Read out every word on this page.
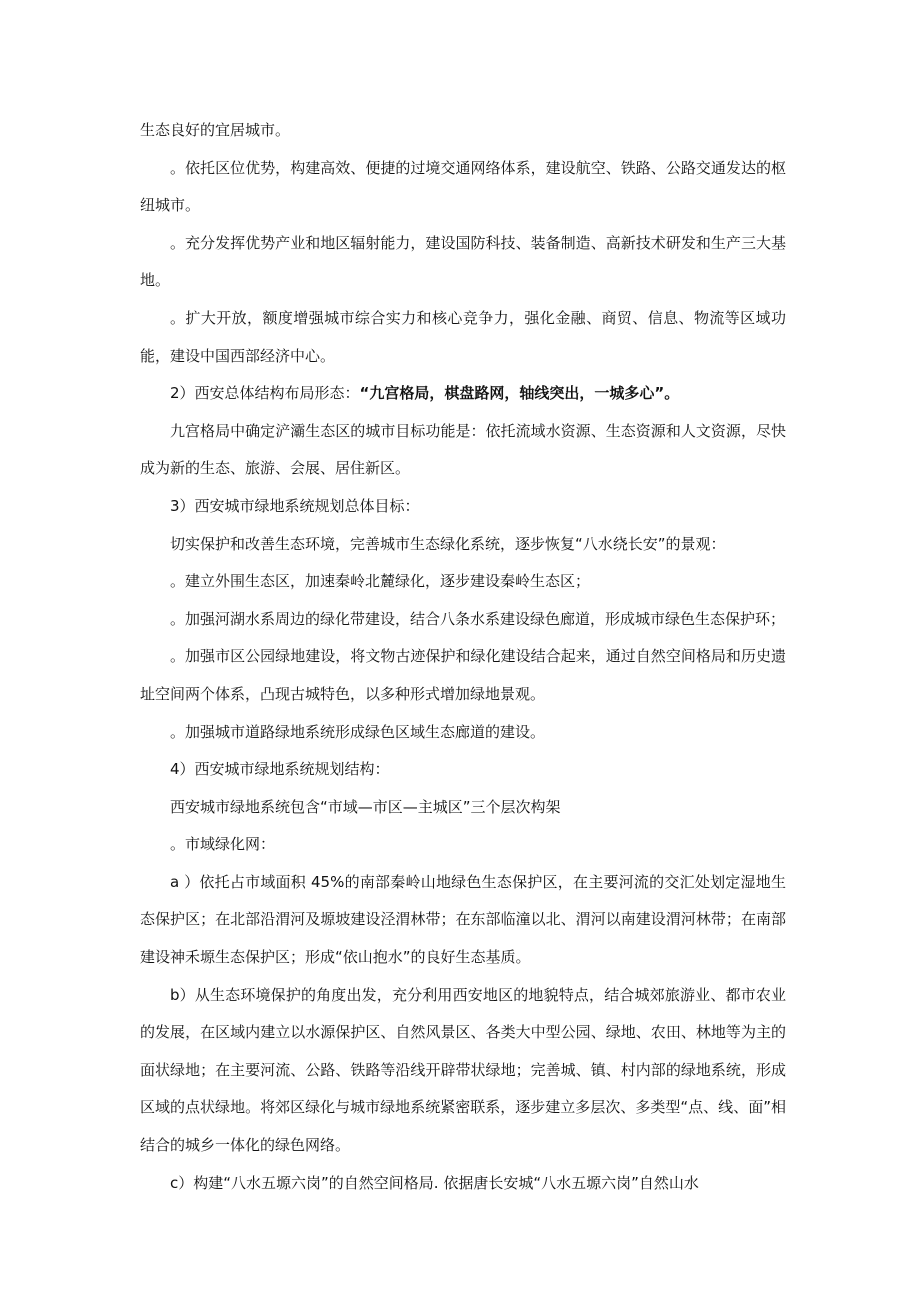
生态良好的宜居城市。

。依托区位优势，构建高效、便捷的过境交通网络体系，建设航空、铁路、公路交通发达的枢纽城市。

。充分发挥优势产业和地区辐射能力，建设国防科技、装备制造、高新技术研发和生产三大基地。

。扩大开放，额度增强城市综合实力和核心竞争力，强化金融、商贸、信息、物流等区域功能，建设中国西部经济中心。

2）西安总体结构布局形态：“九宫格局，棋盘路网，轴线突出，一城多心”。

九宫格局中确定浐灞生态区的城市目标功能是：依托流域水资源、生态资源和人文资源，尽快成为新的生态、旅游、会展、居住新区。

3）西安城市绿地系统规划总体目标：

切实保护和改善生态环境，完善城市生态绿化系统，逐步恢复“八水绕长安”的景观：

。建立外围生态区，加速秦岭北麓绿化，逐步建设秦岭生态区；

。加强河湖水系周边的绿化带建设，结合八条水系建设绿色廊道，形成城市绿色生态保护环；

。加强市区公园绿地建设，将文物古迹保护和绿化建设结合起来，通过自然空间格局和历史遗址空间两个体系，凸现古城特色，以多种形式增加绿地景观。

。加强城市道路绿地系统形成绿色区域生态廊道的建设。

4）西安城市绿地系统规划结构：

西安城市绿地系统包含“市域—市区—主城区”三个层次构架

。市域绿化网：

a ）依托占市域面积 45%的南部秦岭山地绿色生态保护区，在主要河流的交汇处划定湿地生态保护区；在北部沿渭河及塬坡建设泾渭林带；在东部临潼以北、渭河以南建设渭河林带；在南部建设神禾塬生态保护区；形成“依山抱水”的良好生态基质。

b）从生态环境保护的角度出发，充分利用西安地区的地貌特点，结合城郊旅游业、都市农业的发展，在区域内建立以水源保护区、自然风景区、各类大中型公园、绿地、农田、林地等为主的面状绿地；在主要河流、公路、铁路等沿线开辟带状绿地；完善城、镇、村内部的绿地系统，形成区域的点状绿地。将郊区绿化与城市绿地系统紧密联系，逐步建立多层次、多类型“点、线、面”相结合的城乡一体化的绿色网络。

c）构建“八水五塬六岗”的自然空间格局. 依据唐长安城“八水五塬六岗”自然山水
